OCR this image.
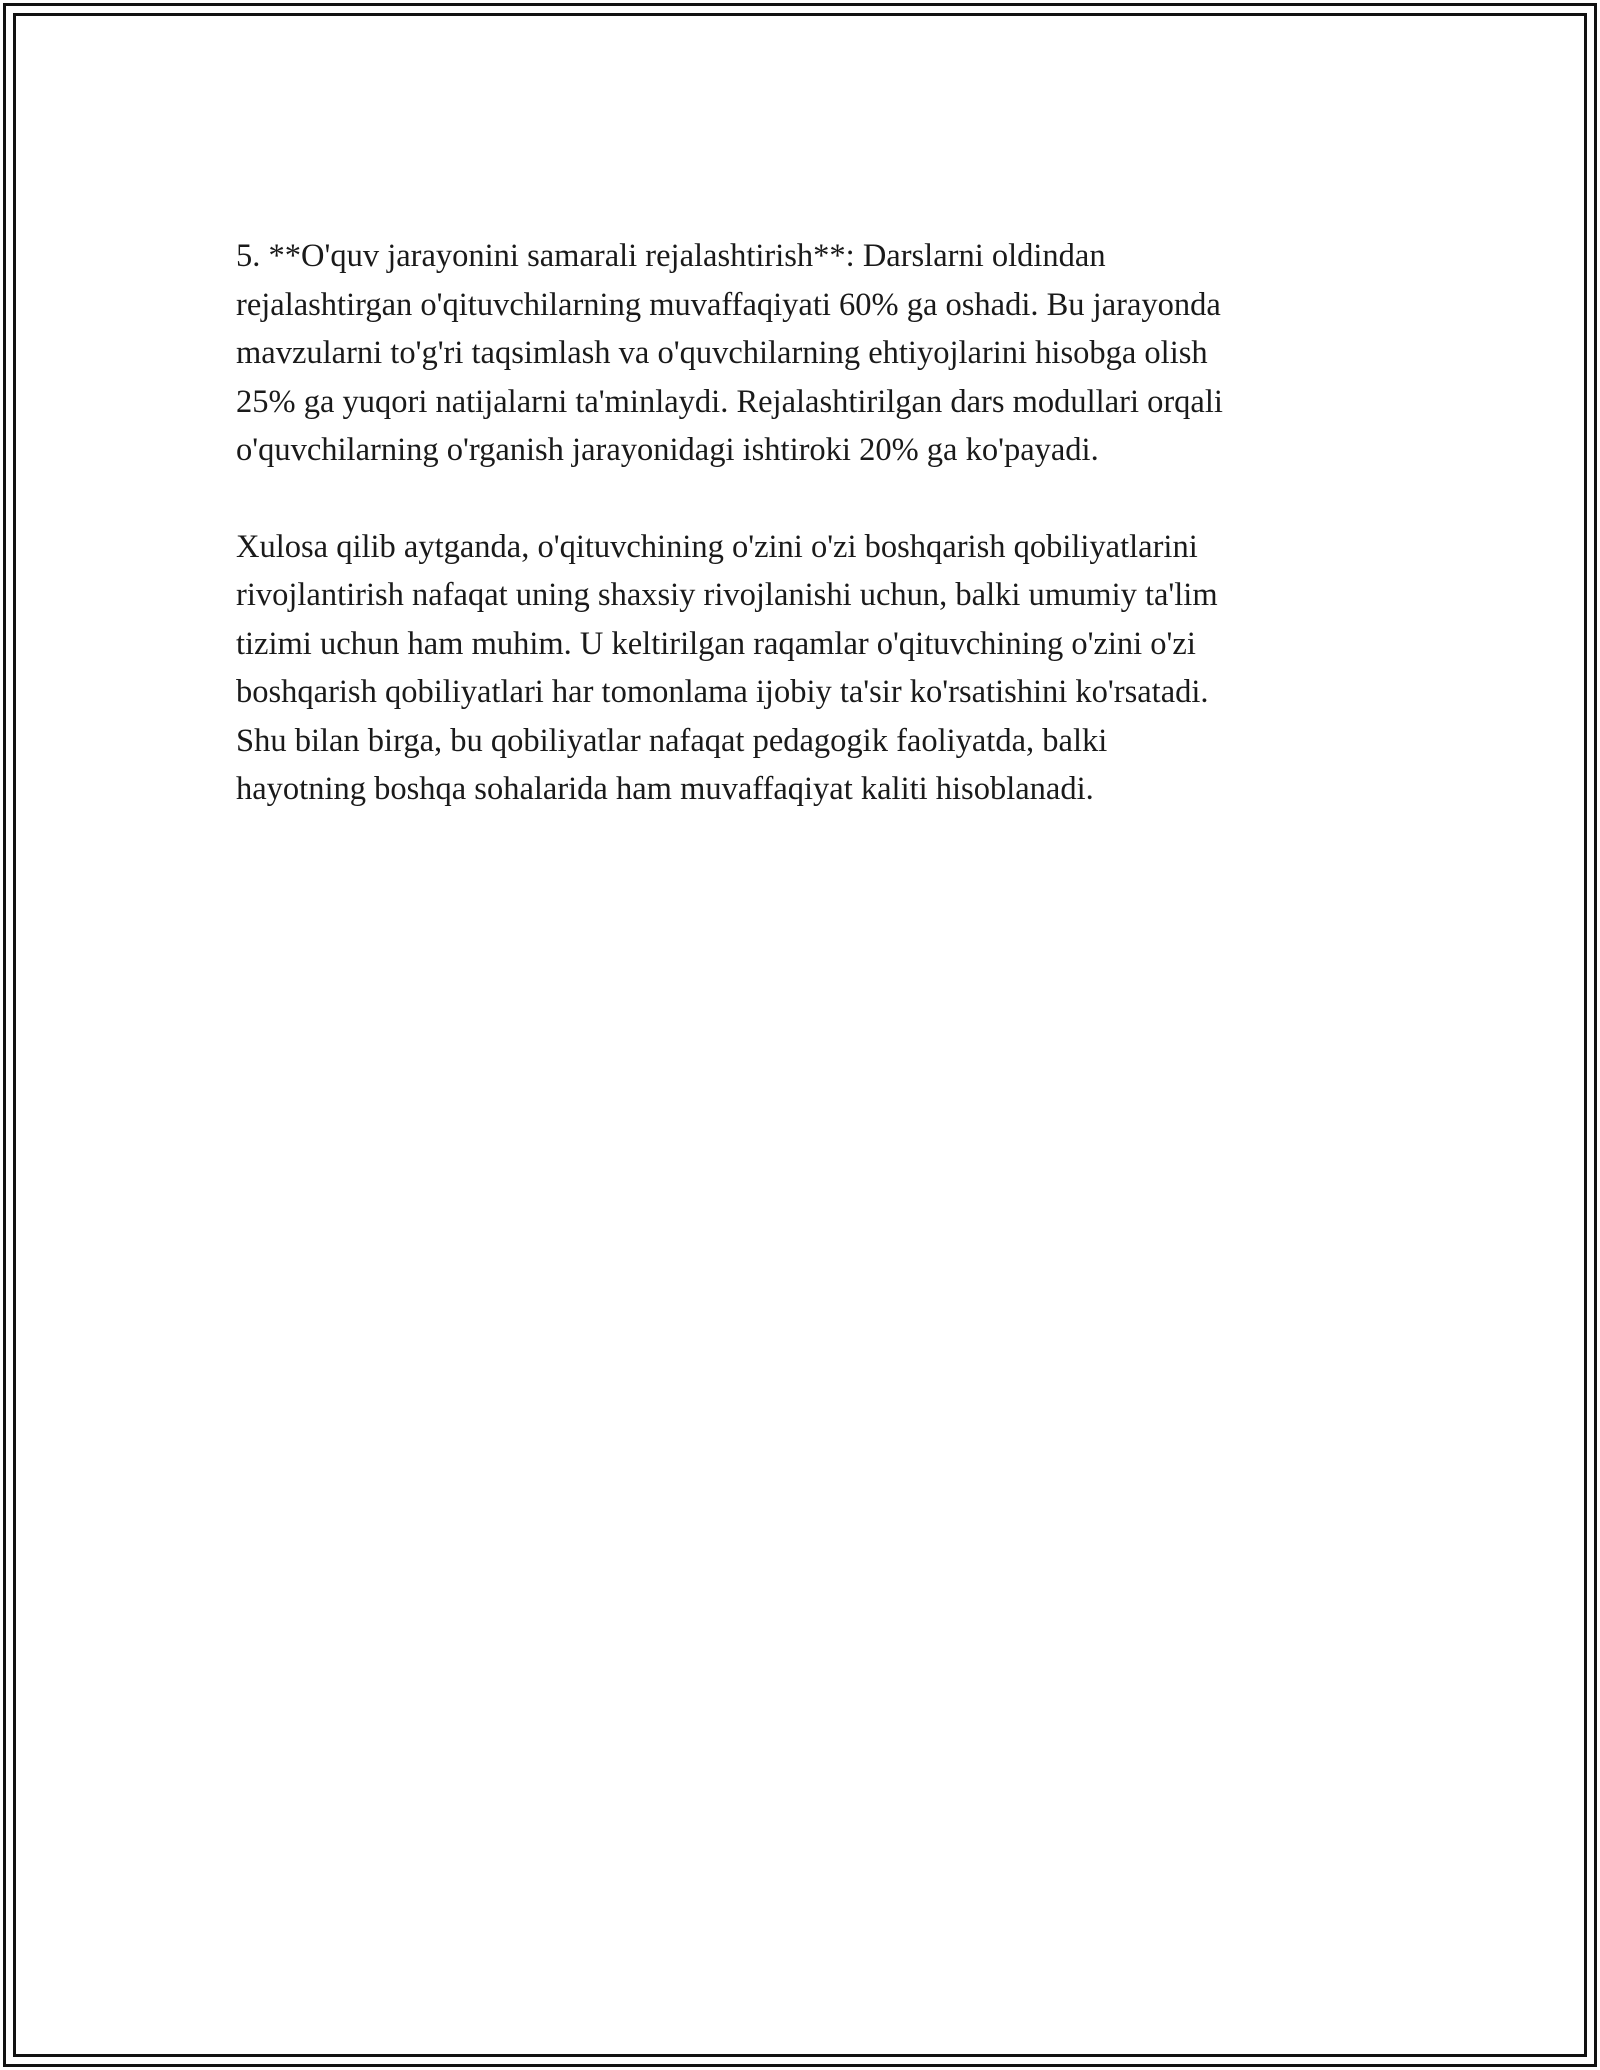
5. **O'quv jarayonini samarali rejalashtirish**: Darslarni oldindan
rejalashtirgan o'qituvchilarning muvaffaqiyati 60% ga oshadi. Bu jarayonda
mavzularni to'g'ri taqsimlash va o'quvchilarning ehtiyojlarini hisobga olish
25% ga yuqori natijalarni ta'minlaydi. Rejalashtirilgan dars modullari orqali
o'quvchilarning o'rganish jarayonidagi ishtiroki 20% ga ko'payadi.

Xulosa qilib aytganda, o'qituvchining o'zini o'zi boshqarish qobiliyatlarini
rivojlantirish nafaqat uning shaxsiy rivojlanishi uchun, balki umumiy ta'lim
tizimi uchun ham muhim. U keltirilgan raqamlar o'qituvchining o'zini o'zi
boshqarish qobiliyatlari har tomonlama ijobiy ta'sir ko'rsatishini ko'rsatadi.
Shu bilan birga, bu qobiliyatlar nafaqat pedagogik faoliyatda, balki
hayotning boshqa sohalarida ham muvaffaqiyat kaliti hisoblanadi.
